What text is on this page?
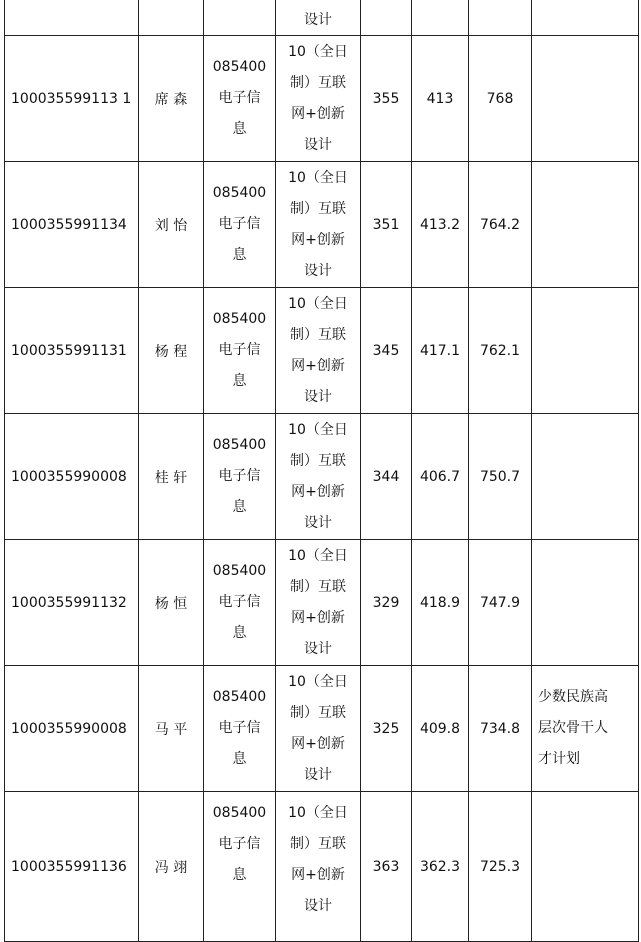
			设计				

100035599113 1	席 森	085400
电子信
息	10（全日
制）互联
网+创新
设计	355	413	768	
1000355991134	刘 怡	085400
电子信
息	10（全日
制）互联
网+创新
设计	351	413.2	764.2	
1000355991131	杨 程	085400
电子信
息	10（全日
制）互联
网+创新
设计	345	417.1	762.1	
1000355990008	桂 轩	085400
电子信
息	10（全日
制）互联
网+创新
设计	344	406.7	750.7	
1000355991132	杨 恒	085400
电子信
息	10（全日
制）互联
网+创新
设计	329	418.9	747.9	
1000355990008	马 平	085400
电子信
息	10（全日
制）互联
网+创新
设计	325	409.8	734.8	少数民族高
层次骨干人
才计划

1000355991136	冯 翊	085400
电子信
息	10（全日
制）互联
网+创新
设计	363	362.3	725.3	
